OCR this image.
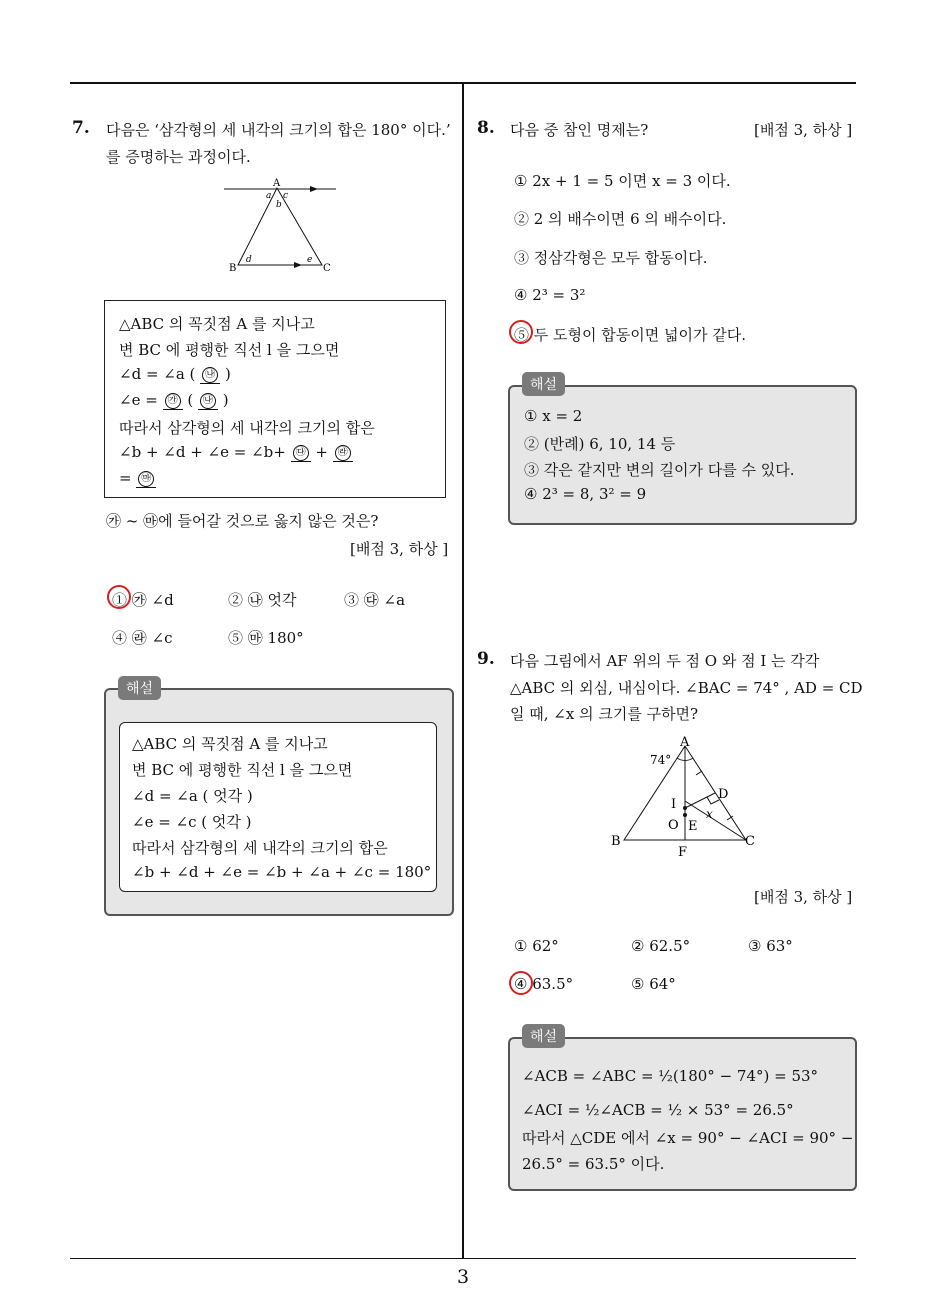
3
7. 다음은 ‘삼각형의 세 내각의 크기의 합은 180° 이다.’
를 증명하는 과정이다.
A
a c
b
B
d	e
C
△ABC 의 꼭짓점 A 를 지나고
변 BC 에 평행한 직선 l 을 그으면
∠d = ∠a ( ㉯ )
∠e = ㉮ ( ㉯ )
따라서 삼각형의 세 내각의 크기의 합은
∠b + ∠d + ∠e = ∠b+ ㉰ + ㉱
= ㉲
㉮ ~ ㉲에 들어갈 것으로 옳지 않은 것은?
[배점 3, 하상 ]
① ㉮ ∠d	② ㉯ 엇각	③ ㉰ ∠a
④ ㉱ ∠c	⑤ ㉲ 180°
△ABC 의 꼭짓점 A 를 지나고
변 BC 에 평행한 직선 l 을 그으면
∠d = ∠a ( 엇각 )
∠e = ∠c ( 엇각 )
따라서 삼각형의 세 내각의 크기의 합은
∠b + ∠d + ∠e = ∠b + ∠a + ∠c = 180°
해설
8. 다음 중 참인 명제는?	[배점 3, 하상 ]
① 2x + 1 = 5 이면 x = 3 이다.
② 2 의 배수이면 6 의 배수이다.
③ 정삼각형은 모두 합동이다.
④ 2³ = 3²
⑤ 두 도형이 합동이면 넓이가 같다.
① x = 2
② (반례) 6, 10, 14 등
③ 각은 같지만 변의 길이가 다를 수 있다.
④ 2³ = 8, 3² = 9
해설
9. 다음 그림에서 AF 위의 두 점 O 와 점 I 는 각각
△ABC 의 외심, 내심이다. ∠BAC = 74° , AD = CD
일 때, ∠x 의 크기를 구하면?
A
74°
D
I
O E
x
B	C
F
[배점 3, 하상 ]
① 62°	② 62.5°	③ 63°
④ 63.5°	⑤ 64°
∠ACB = ∠ABC = ½(180° − 74°) = 53°
∠ACI = ½∠ACB = ½ × 53° = 26.5°
따라서 △CDE 에서 ∠x = 90° − ∠ACI = 90° −
26.5° = 63.5° 이다.
해설
